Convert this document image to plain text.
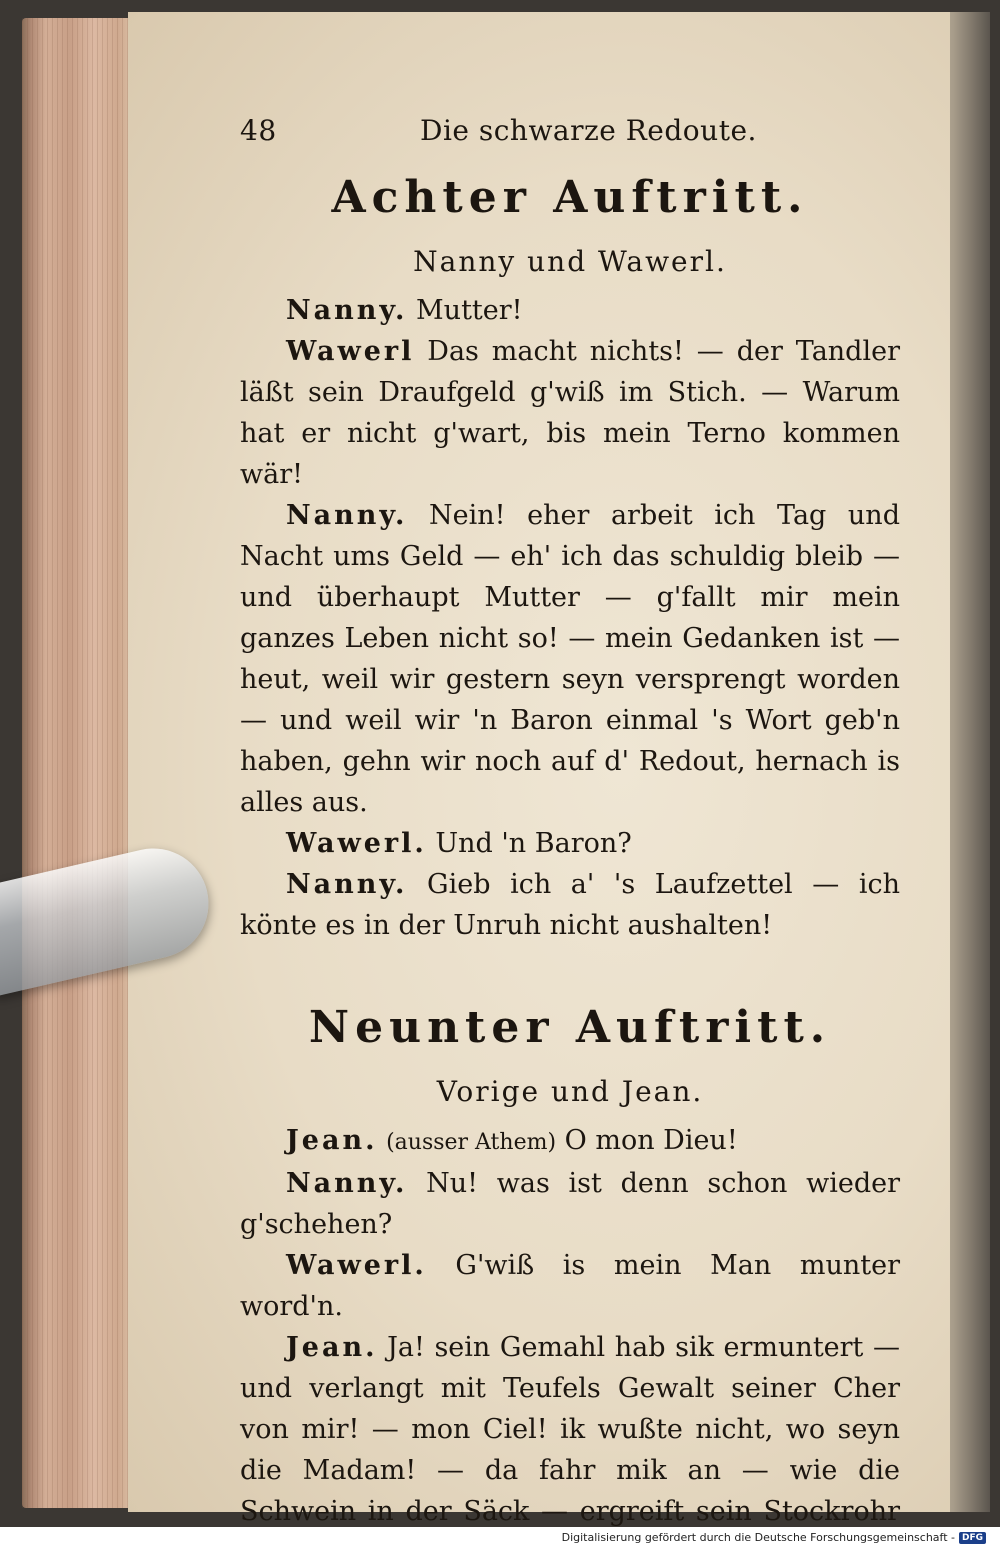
48	Die schwarze Redoute.
Achter Auftritt.
Nanny und Wawerl.

Nanny. Mutter!

Wawerl Das macht nichts! — der Tandler läßt sein Draufgeld g'wiß im Stich. — Warum hat er nicht g'wart, bis mein Terno kommen wär!

Nanny. Nein! eher arbeit ich Tag und Nacht ums Geld — eh' ich das schuldig bleib — und überhaupt Mutter — g'fallt mir mein ganzes Leben nicht so! — mein Gedanken ist — heut, weil wir gestern seyn versprengt worden — und weil wir 'n Baron einmal 's Wort geb'n haben, gehn wir noch auf d' Redout, hernach is alles aus.

Wawerl. Und 'n Baron?

Nanny. Gieb ich a' 's Laufzettel — ich könte es in der Unruh nicht aushalten!

Neunter Auftritt.
Vorige und Jean.

Jean. (ausser Athem) O mon Dieu!

Nanny. Nu! was ist denn schon wieder g'schehen?

Wawerl. G'wiß is mein Man munter word'n.

Jean. Ja! sein Gemahl hab sik ermuntert — und verlangt mit Teufels Gewalt seiner Cher von mir! — mon Ciel! ik wußte nicht, wo seyn die Madam! — da fahr mik an — wie die Schwein in der Säck — ergreift sein Stockrohr

Digitalisierung gefördert durch die Deutsche Forschungsgemeinschaft - DFG
